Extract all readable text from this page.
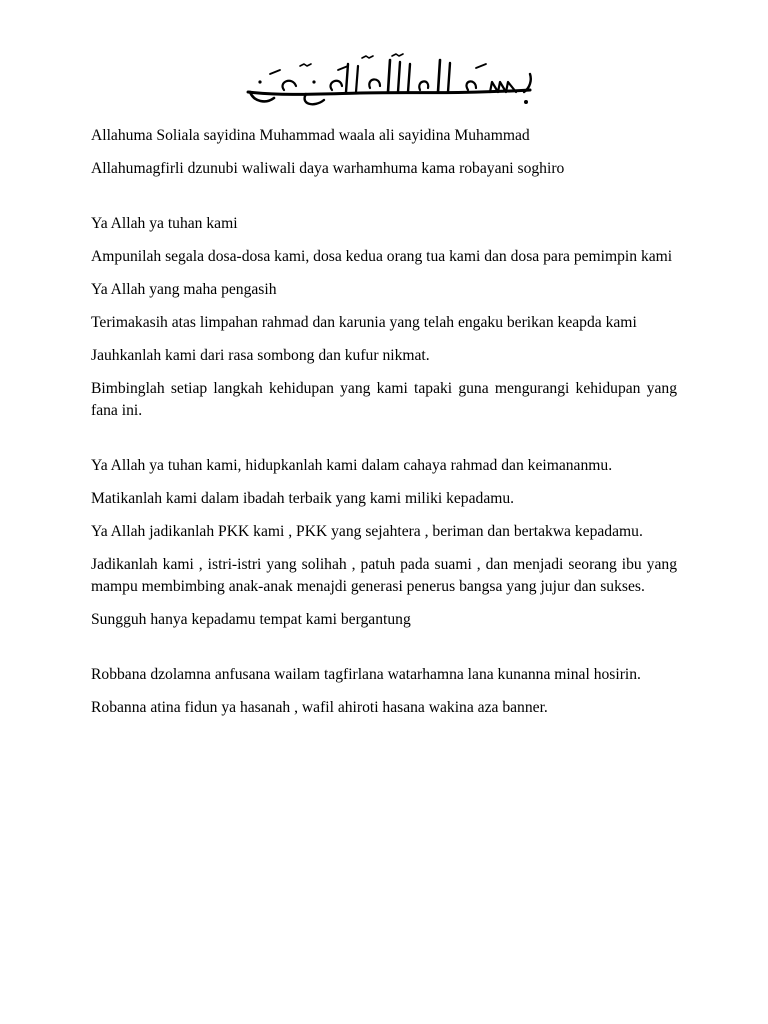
Allahuma Soliala sayidina Muhammad waala ali sayidina Muhammad

Allahumagfirli dzunubi waliwali daya warhamhuma kama robayani soghiro

Ya Allah ya tuhan kami

Ampunilah segala dosa-dosa kami, dosa kedua orang tua kami dan dosa para pemimpin kami

Ya Allah yang maha pengasih

Terimakasih atas limpahan rahmad dan karunia yang telah engaku berikan keapda kami

Jauhkanlah kami dari rasa sombong dan kufur nikmat.

Bimbinglah setiap langkah kehidupan yang kami tapaki guna mengurangi kehidupan yang fana ini.

Ya Allah ya tuhan kami, hidupkanlah kami dalam cahaya rahmad dan keimananmu.

Matikanlah kami dalam ibadah terbaik yang kami miliki kepadamu.

Ya Allah jadikanlah PKK kami , PKK yang sejahtera , beriman dan bertakwa kepadamu.

Jadikanlah kami , istri-istri yang solihah , patuh pada suami , dan menjadi seorang ibu yang mampu membimbing anak-anak menajdi generasi penerus bangsa yang jujur dan sukses.

Sungguh hanya kepadamu tempat kami bergantung

Robbana dzolamna anfusana wailam tagfirlana watarhamna lana kunanna minal hosirin.

Robanna atina fidun ya hasanah , wafil ahiroti hasana wakina aza banner.
